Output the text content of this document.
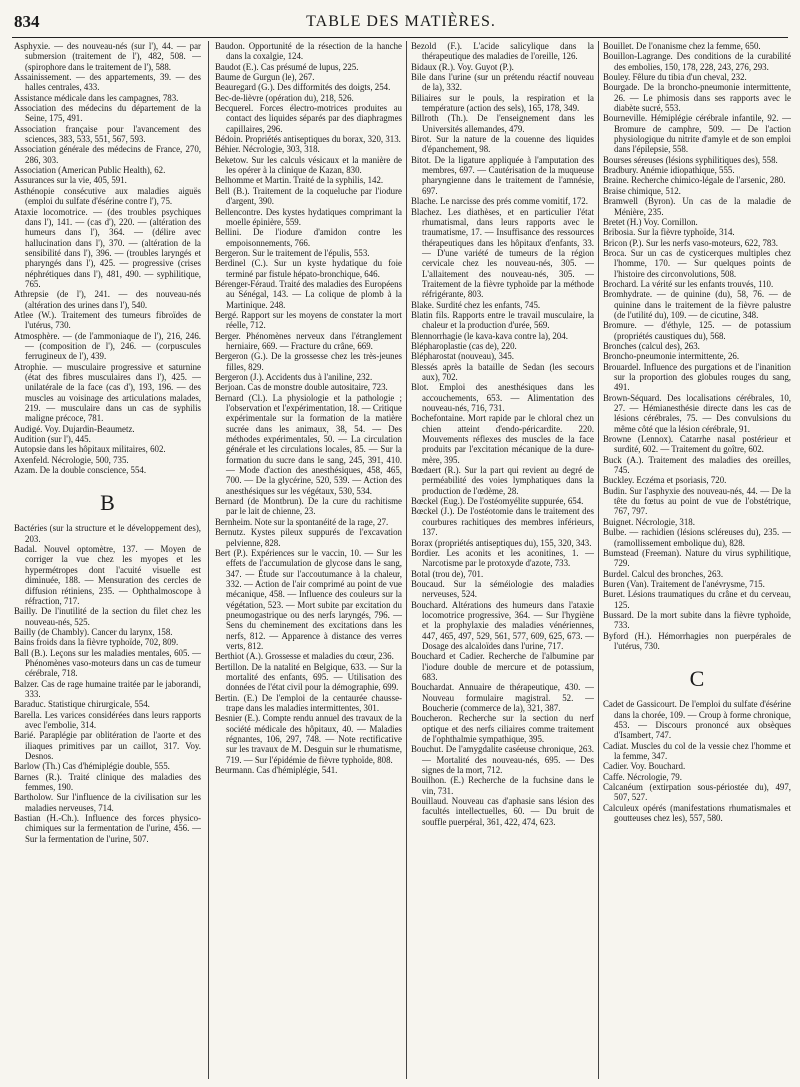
834	TABLE DES MATIÈRES.
Asphyxie. — des nouveau-nés (sur l'), 44. — par submersion (traitement de l'), 482, 508. — (spirophore dans le traitement de l'), 588.
Assainissement. — des appartements, 39. — des halles centrales, 433.
Assistance médicale dans les campagnes, 783.
Association des médecins du département de la Seine, 175, 491.
Association française pour l'avancement des sciences, 383, 533, 551, 567, 593.
Association générale des médecins de France, 270, 286, 303.
Association (American Public Health), 62.
Assurances sur la vie, 405, 591.
Asthénopie consécutive aux maladies aiguës (emploi du sulfate d'ésérine contre l'), 75.
Ataxie locomotrice. — (des troubles psychiques dans l'), 141. — (cas d'), 220. — (altération des humeurs dans l'), 364. — (délire avec hallucination dans l'), 370. — (altération de la sensibilité dans l'), 396. — (troubles laryngés et pharyngés dans l'), 425. — progressive (crises néphrétiques dans l'), 481, 490. — syphilitique, 765.
Athrepsie (de l'), 241. — des nouveau-nés (altération des urines dans l'), 540.
Atlee (W.). Traitement des tumeurs fibroïdes de l'utérus, 730.
Atmosphère. — (de l'ammoniaque de l'), 216, 246. — (composition de l'), 246. — (corpuscules ferrugineux de l'), 439.
Atrophie. — musculaire progressive et saturnine (état des fibres musculaires dans l'), 425. — unilatérale de la face (cas d'), 193, 196. — des muscles au voisinage des articulations malades, 219. — musculaire dans un cas de syphilis maligne précoce, 781.
Audigé. Voy. Dujardin-Beaumetz.
Audition (sur l'), 445.
Autopsie dans les hôpitaux militaires, 602.
Axenfeld. Nécrologie, 500, 735.
Azam. De la double conscience, 554.
B
Bactéries (sur la structure et le développement des), 203.
Badal. Nouvel optomètre, 137. — Moyen de corriger la vue chez les myopes et les hypermétropes dont l'acuité visuelle est diminuée, 188. — Mensuration des cercles de diffusion rétiniens, 235. — Ophthalmoscope à réfraction, 717.
Bailly. De l'inutilité de la section du filet chez les nouveau-nés, 525.
Bailly (de Chambly). Cancer du larynx, 158.
Bains froids dans la fièvre typhoïde, 702, 809.
Ball (B.). Leçons sur les maladies mentales, 605. — Phénomènes vaso-moteurs dans un cas de tumeur cérébrale, 718.
Balzer. Cas de rage humaine traitée par le jaborandi, 333.
Baraduc. Statistique chirurgicale, 554.
Barella. Les varices considérées dans leurs rapports avec l'embolie, 314.
Barié. Paraplégie par oblitération de l'aorte et des iliaques primitives par un caillot, 317. Voy. Desnos.
Barlow (Th.) Cas d'hémiplégie double, 555.
Barnes (R.). Traité clinique des maladies des femmes, 190.
Bartholow. Sur l'influence de la civilisation sur les maladies nerveuses, 714.
Bastian (H.-Ch.). Influence des forces physico-chimiques sur la fermentation de l'urine, 456. — Sur la fermentation de l'urine, 507.
Baudon. Opportunité de la résection de la hanche dans la coxalgie, 124.
Baudot (E.). Cas présumé de lupus, 225.
Baume de Gurgun (le), 267.
Beauregard (G.). Des difformités des doigts, 254.
Bec-de-lièvre (opération du), 218, 526.
Becquerel. Forces électro-motrices produites au contact des liquides séparés par des diaphragmes capillaires, 296.
Bédoin. Propriétés antiseptiques du borax, 320, 313.
Béhier. Nécrologie, 303, 318.
Beketow. Sur les calculs vésicaux et la manière de les opérer à la clinique de Kazan, 830.
Belhomme et Martin. Traité de la syphilis, 142.
Bell (B.). Traitement de la coqueluche par l'iodure d'argent, 390.
Bellencontre. Des kystes hydatiques comprimant la moelle épinière, 559.
Bellini. De l'iodure d'amidon contre les empoisonnements, 766.
Bergeron. Sur le traitement de l'épulis, 553.
Berdinel (C.). Sur un kyste hydatique du foie terminé par fistule hépato-bronchique, 646.
Bérenger-Féraud. Traité des maladies des Européens au Sénégal, 143. — La colique de plomb à la Martinique. 248.
Bergé. Rapport sur les moyens de constater la mort réelle, 712.
Berger. Phénomènes nerveux dans l'étranglement herniaire, 669. — Fracture du crâne, 669.
Bergeron (G.). De la grossesse chez les très-jeunes filles, 829.
Bergeron (J.). Accidents dus à l'aniline, 232.
Berjoan. Cas de monstre double autositaire, 723.
Bernard (Cl.). La physiologie et la pathologie ; l'observation et l'expérimentation, 18. — Critique expérimentale sur la formation de la matière sucrée dans les animaux, 38, 54. — Des méthodes expérimentales, 50. — La circulation générale et les circulations locales, 85. — Sur la formation du sucre dans le sang, 245, 391, 410. — Mode d'action des anesthésiques, 458, 465, 700. — De la glycérine, 520, 539. — Action des anesthésiques sur les végétaux, 530, 534.
Bernard (de Montbrun). De la cure du rachitisme par le lait de chienne, 23.
Bernheim. Note sur la spontanéité de la rage, 27.
Bernutz. Kystes pileux suppurés de l'excavation pelvienne, 828.
Bert (P.). Expériences sur le vaccin, 10. — Sur les effets de l'accumulation de glycose dans le sang, 347. — Étude sur l'accoutumance à la chaleur, 332. — Action de l'air comprimé au point de vue mécanique, 458. — Influence des couleurs sur la végétation, 523. — Mort subite par excitation du pneumogastrique ou des nerfs laryngés, 796. — Sens du cheminement des excitations dans les nerfs, 812. — Apparence à distance des verres verts, 812.
Berthiot (A.). Grossesse et maladies du cœur, 236.
Bertillon. De la natalité en Belgique, 633. — Sur la mortalité des enfants, 695. — Utilisation des données de l'état civil pour la démographie, 699.
Bertin. (E.) De l'emploi de la centaurée chausse-trape dans les maladies intermittentes, 301.
Besnier (E.). Compte rendu annuel des travaux de la société médicale des hôpitaux, 40. — Maladies régnantes, 106, 297, 748. — Note rectificative sur les travaux de M. Desguin sur le rhumatisme, 719. — Sur l'épidémie de fièvre typhoïde, 808.
Beurmann. Cas d'hémiplégie, 541.
Bezold (F.). L'acide salicylique dans la thérapeutique des maladies de l'oreille, 126.
Bidaux (R.). Voy. Guyot (P.).
Bile dans l'urine (sur un prétendu réactif nouveau de la), 332.
Biliaires sur le pouls, la respiration et la température (action des sels), 165, 178, 349.
Billroth (Th.). De l'enseignement dans les Universités allemandes, 479.
Birot. Sur la nature de la couenne des liquides d'épanchement, 98.
Bitot. De la ligature appliquée à l'amputation des membres, 697. — Cautérisation de la muqueuse pharyngienne dans le traitement de l'amnésie, 697.
Blache. Le narcisse des prés comme vomitif, 172.
Blachez. Les diathèses, et en particulier l'état rhumatismal, dans leurs rapports avec le traumatisme, 17. — Insuffisance des ressources thérapeutiques dans les hôpitaux d'enfants, 33. — D'une variété de tumeurs de la région cervicale chez les nouveau-nés, 305. — L'allaitement des nouveau-nés, 305. — Traitement de la fièvre typhoïde par la méthode réfrigérante, 803.
Blake. Surdité chez les enfants, 745.
Blatin fils. Rapports entre le travail musculaire, la chaleur et la production d'urée, 569.
Blennorrhagie (le kava-kava contre la), 204.
Blépharoplastie (cas de), 220.
Blépharostat (nouveau), 345.
Blessés après la bataille de Sedan (les secours aux), 702.
Blot. Emploi des anesthésiques dans les accouchements, 653. — Alimentation des nouveau-nés, 716, 731.
Bochefontaine. Mort rapide par le chloral chez un chien atteint d'endo-péricardite. 220. Mouvements réflexes des muscles de la face produits par l'excitation mécanique de la dure-mère, 395.
Bœdaert (R.). Sur la part qui revient au degré de perméabilité des voies lymphatiques dans la production de l'œdème, 28.
Bœckel (Eug.). De l'ostéomyélite suppurée, 654.
Bœckel (J.). De l'ostéotomie dans le traitement des courbures rachitiques des membres inférieurs, 137.
Borax (propriétés antiseptiques du), 155, 320, 343.
Bordier. Les aconits et les aconitines, 1. — Narcotisme par le protoxyde d'azote, 733.
Botal (trou de), 701.
Boucaud. Sur la séméiologie des maladies nerveuses, 524.
Bouchard. Altérations des humeurs dans l'ataxie locomotrice progressive, 364. — Sur l'hygiène et la prophylaxie des maladies vénériennes, 447, 465, 497, 529, 561, 577, 609, 625, 673. — Dosage des alcaloïdes dans l'urine, 717.
Bouchard et Cadier. Recherche de l'albumine par l'iodure double de mercure et de potassium, 683.
Bouchardat. Annuaire de thérapeutique, 430. — Nouveau formulaire magistral. 52. — Boucherie (commerce de la), 321, 387.
Boucheron. Recherche sur la section du nerf optique et des nerfs ciliaires comme traitement de l'ophthalmie sympathique, 395.
Bouchut. De l'amygdalite caséeuse chronique, 263. — Mortalité des nouveau-nés, 695. — Des signes de la mort, 712.
Bouilhon. (E.) Recherche de la fuchsine dans le vin, 731.
Bouillaud. Nouveau cas d'aphasie sans lésion des facultés intellectuelles, 60. — Du bruit de souffle puerpéral, 361, 422, 474, 623.
Bouillet. De l'onanisme chez la femme, 650.
Bouillon-Lagrange. Des conditions de la curabilité des embolies, 150, 178, 228, 243, 276, 293.
Bouley. Fêlure du tibia d'un cheval, 232.
Bourgade. De la broncho-pneumonie intermittente, 26. — Le phimosis dans ses rapports avec le diabète sucré, 553.
Bourneville. Hémiplégie cérébrale infantile, 92. — Bromure de camphre, 509. — De l'action physiologique du nitrite d'amyle et de son emploi dans l'épilepsie, 558.
Bourses séreuses (lésions syphilitiques des), 558.
Bradbury. Anémie idiopathique, 555.
Braine. Recherche chimico-légale de l'arsenic, 280.
Braise chimique, 512.
Bramwell (Byron). Un cas de la maladie de Ménière, 235.
Bretet (H.) Voy. Cornillon.
Bribosia. Sur la fièvre typhoïde, 314.
Bricon (P.). Sur les nerfs vaso-moteurs, 622, 783.
Broca. Sur un cas de cysticerques multiples chez l'homme, 170. — Sur quelques points de l'histoire des circonvolutions, 508.
Brochard. La vérité sur les enfants trouvés, 110.
Bromhydrate. — de quinine (du), 58, 76. — de quinine dans le traitement de la fièvre palustre (de l'utilité du), 109. — de cicutine, 348.
Bromure. — d'éthyle, 125. — de potassium (propriétés caustiques du), 568.
Bronches (calcul des), 263.
Broncho-pneumonie intermittente, 26.
Brouardel. Influence des purgations et de l'inanition sur la proportion des globules rouges du sang, 491.
Brown-Séquard. Des localisations cérébrales, 10, 27. — Hémianesthésie directe dans les cas de lésions cérébrales, 75. — Des convulsions du même côté que la lésion cérébrale, 91.
Browne (Lennox). Catarrhe nasal postérieur et surdité, 602. — Traitement du goître, 602.
Buck (A.). Traitement des maladies des oreilles, 745.
Buckley. Eczéma et psoriasis, 720.
Budin. Sur l'asphyxie des nouveau-nés, 44. — De la tête du fœtus au point de vue de l'obstétrique, 767, 797.
Buignet. Nécrologie, 318.
Bulbe. — rachidien (lésions scléreuses du), 235. — (ramollissement embolique du), 828.
Bumstead (Freeman). Nature du virus syphilitique, 729.
Burdel. Calcul des bronches, 263.
Buren (Van). Traitement de l'anévrysme, 715.
Buret. Lésions traumatiques du crâne et du cerveau, 125.
Bussard. De la mort subite dans la fièvre typhoïde, 733.
Byford (H.). Hémorrhagies non puerpérales de l'utérus, 730.
C
Cadet de Gassicourt. De l'emploi du sulfate d'ésérine dans la chorée, 109. — Croup à forme chronique, 453. — Discours prononcé aux obsèques d'Isambert, 747.
Cadiat. Muscles du col de la vessie chez l'homme et la femme, 347.
Cadier. Voy. Bouchard.
Caffe. Nécrologie, 79.
Calcanéum (extirpation sous-périostée du), 497, 507, 527.
Calculeux opérés (manifestations rhumatismales et goutteuses chez les), 557, 580.
